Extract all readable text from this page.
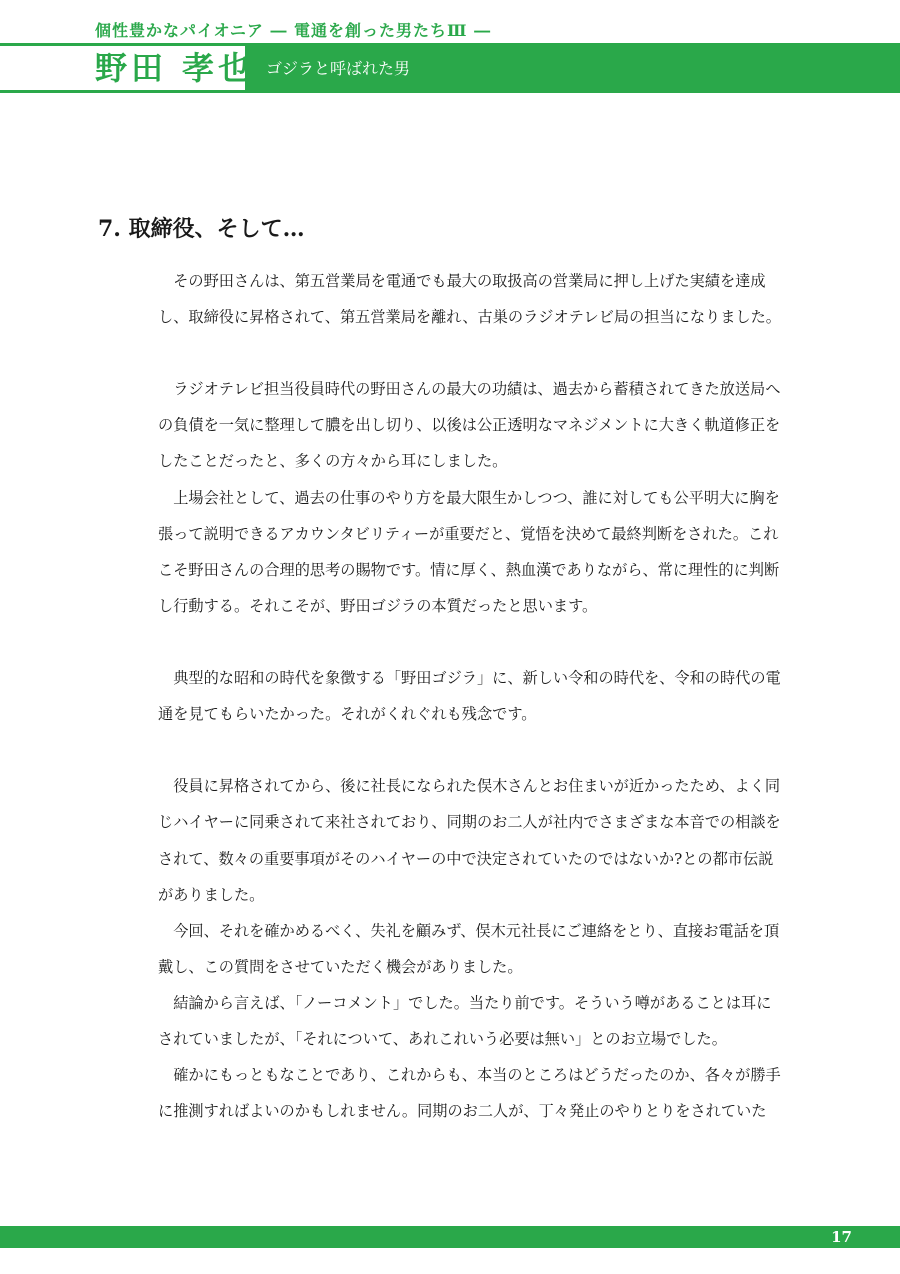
個性豊かなパイオニア ― 電通を創った男たちⅢ ―
野田 孝也 ゴジラと呼ばれた男
7. 取締役、そして…

その野田さんは、第五営業局を電通でも最大の取扱高の営業局に押し上げた実績を達成し、取締役に昇格されて、第五営業局を離れ、古巣のラジオテレビ局の担当になりました。

ラジオテレビ担当役員時代の野田さんの最大の功績は、過去から蓄積されてきた放送局への負債を一気に整理して膿を出し切り、以後は公正透明なマネジメントに大きく軌道修正をしたことだったと、多くの方々から耳にしました。

上場会社として、過去の仕事のやり方を最大限生かしつつ、誰に対しても公平明大に胸を張って説明できるアカウンタビリティーが重要だと、覚悟を決めて最終判断をされた。これこそ野田さんの合理的思考の賜物です。情に厚く、熱血漢でありながら、常に理性的に判断し行動する。それこそが、野田ゴジラの本質だったと思います。

典型的な昭和の時代を象徴する「野田ゴジラ」に、新しい令和の時代を、令和の時代の電通を見てもらいたかった。それがくれぐれも残念です。

役員に昇格されてから、後に社長になられた俣木さんとお住まいが近かったため、よく同じハイヤーに同乗されて来社されており、同期のお二人が社内でさまざまな本音での相談をされて、数々の重要事項がそのハイヤーの中で決定されていたのではないか?との都市伝説がありました。

今回、それを確かめるべく、失礼を顧みず、俣木元社長にご連絡をとり、直接お電話を頂戴し、この質問をさせていただく機会がありました。

結論から言えば、「ノーコメント」でした。当たり前です。そういう噂があることは耳にされていましたが、「それについて、あれこれいう必要は無い」とのお立場でした。

確かにもっともなことであり、これからも、本当のところはどうだったのか、各々が勝手に推測すればよいのかもしれません。同期のお二人が、丁々発止のやりとりをされていた

17
